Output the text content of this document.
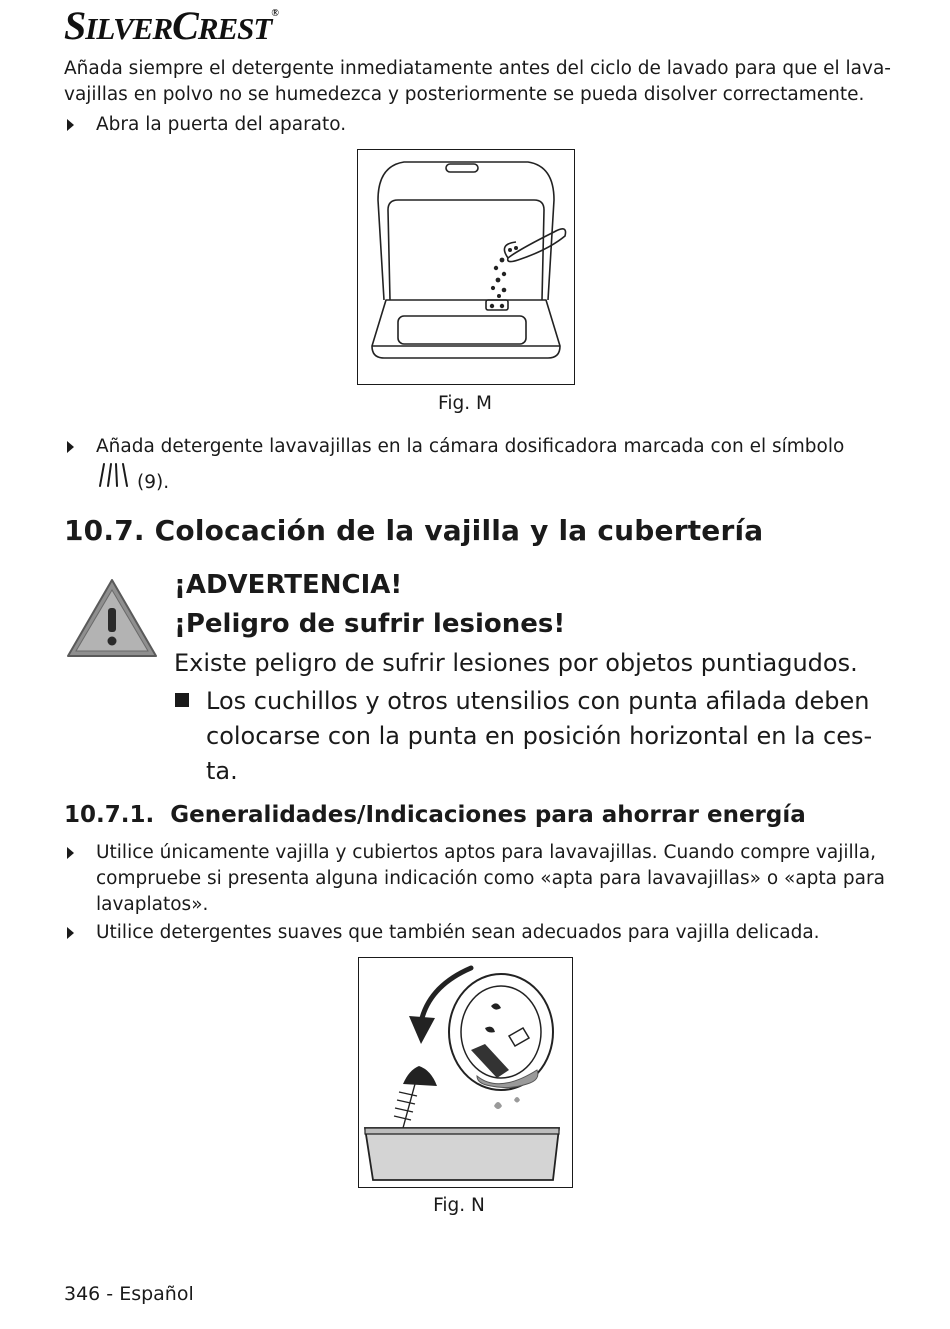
SILVERCREST®
Añada siempre el detergente inmediatamente antes del ciclo de lavado para que el lava-
vajillas en polvo no se humedezca y posteriormente se pueda disolver correctamente.
Abra la puerta del aparato.
Fig. M
Añada detergente lavavajillas en la cámara dosificadora marcada con el símbolo
(9).
10.7. Colocación de la vajilla y la cubertería
¡ADVERTENCIA!
¡Peligro de sufrir lesiones!
Existe peligro de sufrir lesiones por objetos puntiagudos.
Los cuchillos y otros utensilios con punta afilada deben
colocarse con la punta en posición horizontal en la ces-
ta.
10.7.1.  Generalidades/Indicaciones para ahorrar energía
Utilice únicamente vajilla y cubiertos aptos para lavavajillas. Cuando compre vajilla,
compruebe si presenta alguna indicación como «apta para lavavajillas» o «apta para
lavaplatos».
Utilice detergentes suaves que también sean adecuados para vajilla delicada.
Fig. N
346 - Español
